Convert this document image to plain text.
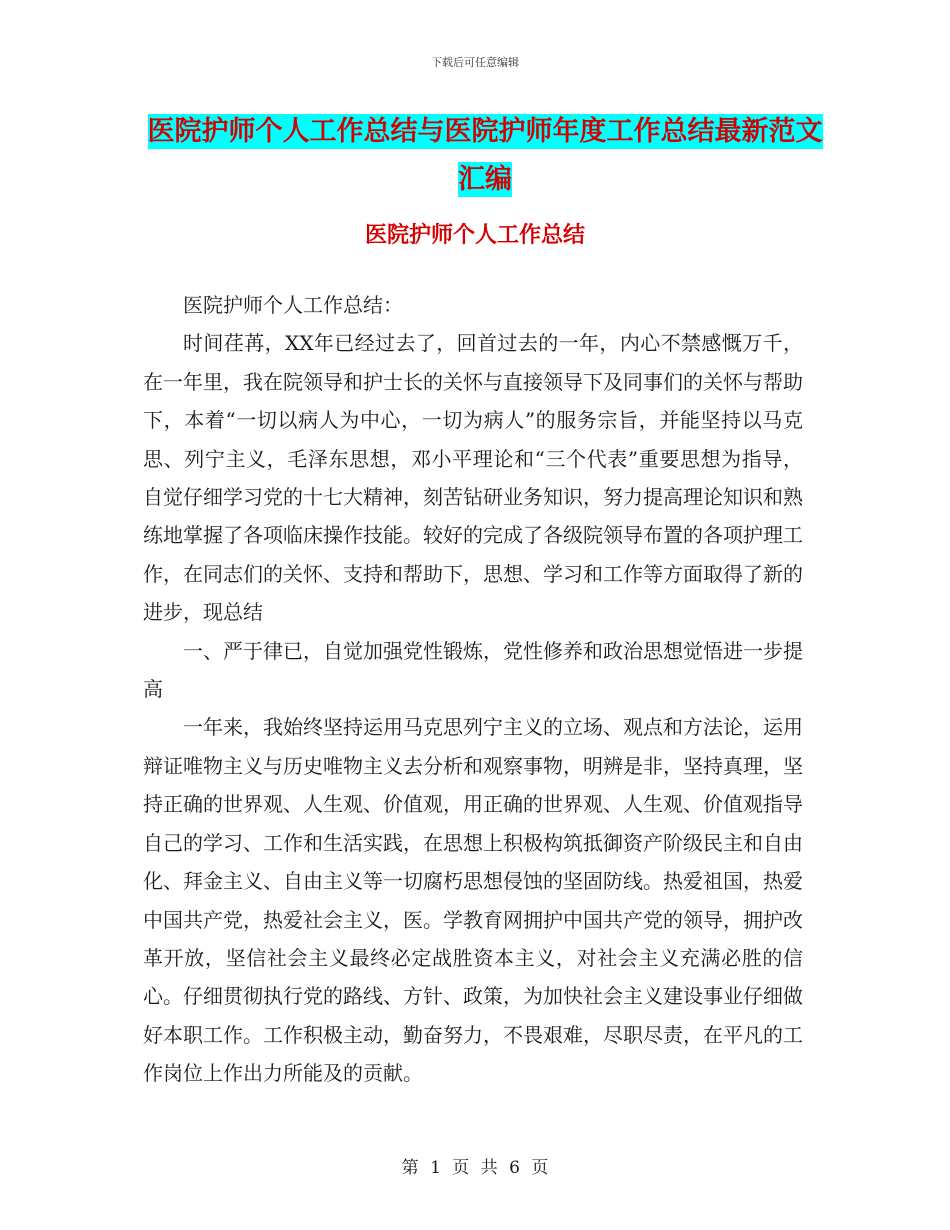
下载后可任意编辑
医院护师个人工作总结与医院护师年度工作总结最新范文汇编
医院护师个人工作总结

医院护师个人工作总结：

时间荏苒，XX年已经过去了，回首过去的一年，内心不禁感慨万千，在一年里，我在院领导和护士长的关怀与直接领导下及同事们的关怀与帮助下，本着“一切以病人为中心，一切为病人”的服务宗旨，并能坚持以马克思、列宁主义，毛泽东思想，邓小平理论和“三个代表”重要思想为指导，自觉仔细学习党的十七大精神，刻苦钻研业务知识，努力提高理论知识和熟练地掌握了各项临床操作技能。较好的完成了各级院领导布置的各项护理工作，在同志们的关怀、支持和帮助下，思想、学习和工作等方面取得了新的进步，现总结

一、严于律已，自觉加强党性锻炼，党性修养和政治思想觉悟进一步提高

一年来，我始终坚持运用马克思列宁主义的立场、观点和方法论，运用辩证唯物主义与历史唯物主义去分析和观察事物，明辨是非，坚持真理，坚持正确的世界观、人生观、价值观，用正确的世界观、人生观、价值观指导自己的学习、工作和生活实践，在思想上积极构筑抵御资产阶级民主和自由化、拜金主义、自由主义等一切腐朽思想侵蚀的坚固防线。热爱祖国，热爱中国共产党，热爱社会主义，医。学教育网拥护中国共产党的领导，拥护改革开放，坚信社会主义最终必定战胜资本主义，对社会主义充满必胜的信心。仔细贯彻执行党的路线、方针、政策，为加快社会主义建设事业仔细做好本职工作。工作积极主动，勤奋努力，不畏艰难，尽职尽责，在平凡的工作岗位上作出力所能及的贡献。

第 1 页 共 6 页
